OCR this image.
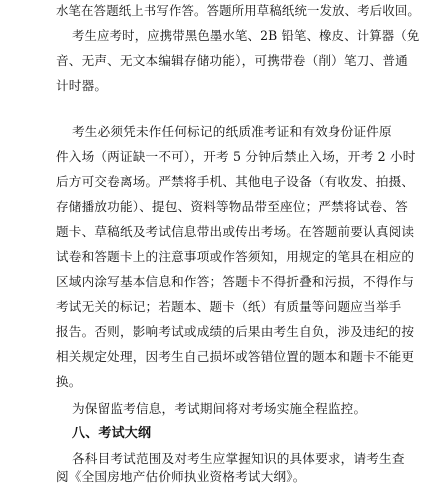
水笔在答题纸上书写作答。答题所用草稿纸统一发放、考后收回。
考生应考时，应携带黑色墨水笔、2B 铅笔、橡皮、计算器（免
音、无声、无文本编辑存储功能），可携带卷（削）笔刀、普通
计时器。
考生必须凭未作任何标记的纸质准考证和有效身份证件原
件入场（两证缺一不可），开考 5 分钟后禁止入场，开考 2 小时
后方可交卷离场。严禁将手机、其他电子设备（有收发、拍摄、
存储播放功能）、提包、资料等物品带至座位；严禁将试卷、答
题卡、草稿纸及考试信息带出或传出考场。在答题前要认真阅读
试卷和答题卡上的注意事项或作答须知，用规定的笔具在相应的
区域内涂写基本信息和作答；答题卡不得折叠和污损，不得作与
考试无关的标记；若题本、题卡（纸）有质量等问题应当举手
报告。否则，影响考试或成绩的后果由考生自负，涉及违纪的按
相关规定处理，因考生自己损坏或答错位置的题本和题卡不能更
换。
为保留监考信息，考试期间将对考场实施全程监控。
八、考试大纲
各科目考试范围及对考生应掌握知识的具体要求，请考生查
阅《全国房地产估价师执业资格考试大纲》。
